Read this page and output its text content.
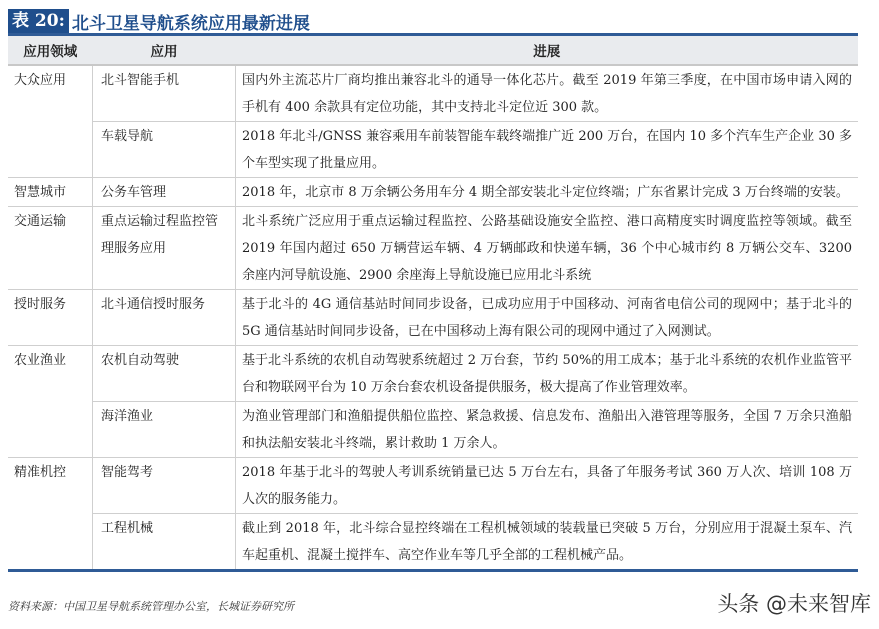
表 20: 北斗卫星导航系统应用最新进展
应用领域	应用	进展
大众应用	北斗智能手机	国内外主流芯片厂商均推出兼容北斗的通导一体化芯片。截至 2019 年第三季度，在中国市场申请入网的手机有 400 余款具有定位功能，其中支持北斗定位近 300 款。
	车载导航	2018 年北斗/GNSS 兼容乘用车前装智能车载终端推广近 200 万台，在国内 10 多个汽车生产企业 30 多个车型实现了批量应用。
智慧城市	公务车管理	2018 年，北京市 8 万余辆公务用车分 4 期全部安装北斗定位终端；广东省累计完成 3 万台终端的安装。
交通运输	重点运输过程监控管理服务应用	北斗系统广泛应用于重点运输过程监控、公路基础设施安全监控、港口高精度实时调度监控等领域。截至 2019 年国内超过 650 万辆营运车辆、4 万辆邮政和快递车辆，36 个中心城市约 8 万辆公交车、3200 余座内河导航设施、2900 余座海上导航设施已应用北斗系统
授时服务	北斗通信授时服务	基于北斗的 4G 通信基站时间同步设备，已成功应用于中国移动、河南省电信公司的现网中；基于北斗的 5G 通信基站时间同步设备，已在中国移动上海有限公司的现网中通过了入网测试。
农业渔业	农机自动驾驶	基于北斗系统的农机自动驾驶系统超过 2 万台套，节约 50%的用工成本；基于北斗系统的农机作业监管平台和物联网平台为 10 万余台套农机设备提供服务，极大提高了作业管理效率。
	海洋渔业	为渔业管理部门和渔船提供船位监控、紧急救援、信息发布、渔船出入港管理等服务，全国 7 万余只渔船和执法船安装北斗终端，累计救助 1 万余人。
精准机控	智能驾考	2018 年基于北斗的驾驶人考训系统销量已达 5 万台左右，具备了年服务考试 360 万人次、培训 108 万人次的服务能力。
	工程机械	截止到 2018 年，北斗综合显控终端在工程机械领域的装载量已突破 5 万台，分别应用于混凝土泵车、汽车起重机、混凝土搅拌车、高空作业车等几乎全部的工程机械产品。
资料来源：中国卫星导航系统管理办公室，长城证券研究所	头条 @未来智库
